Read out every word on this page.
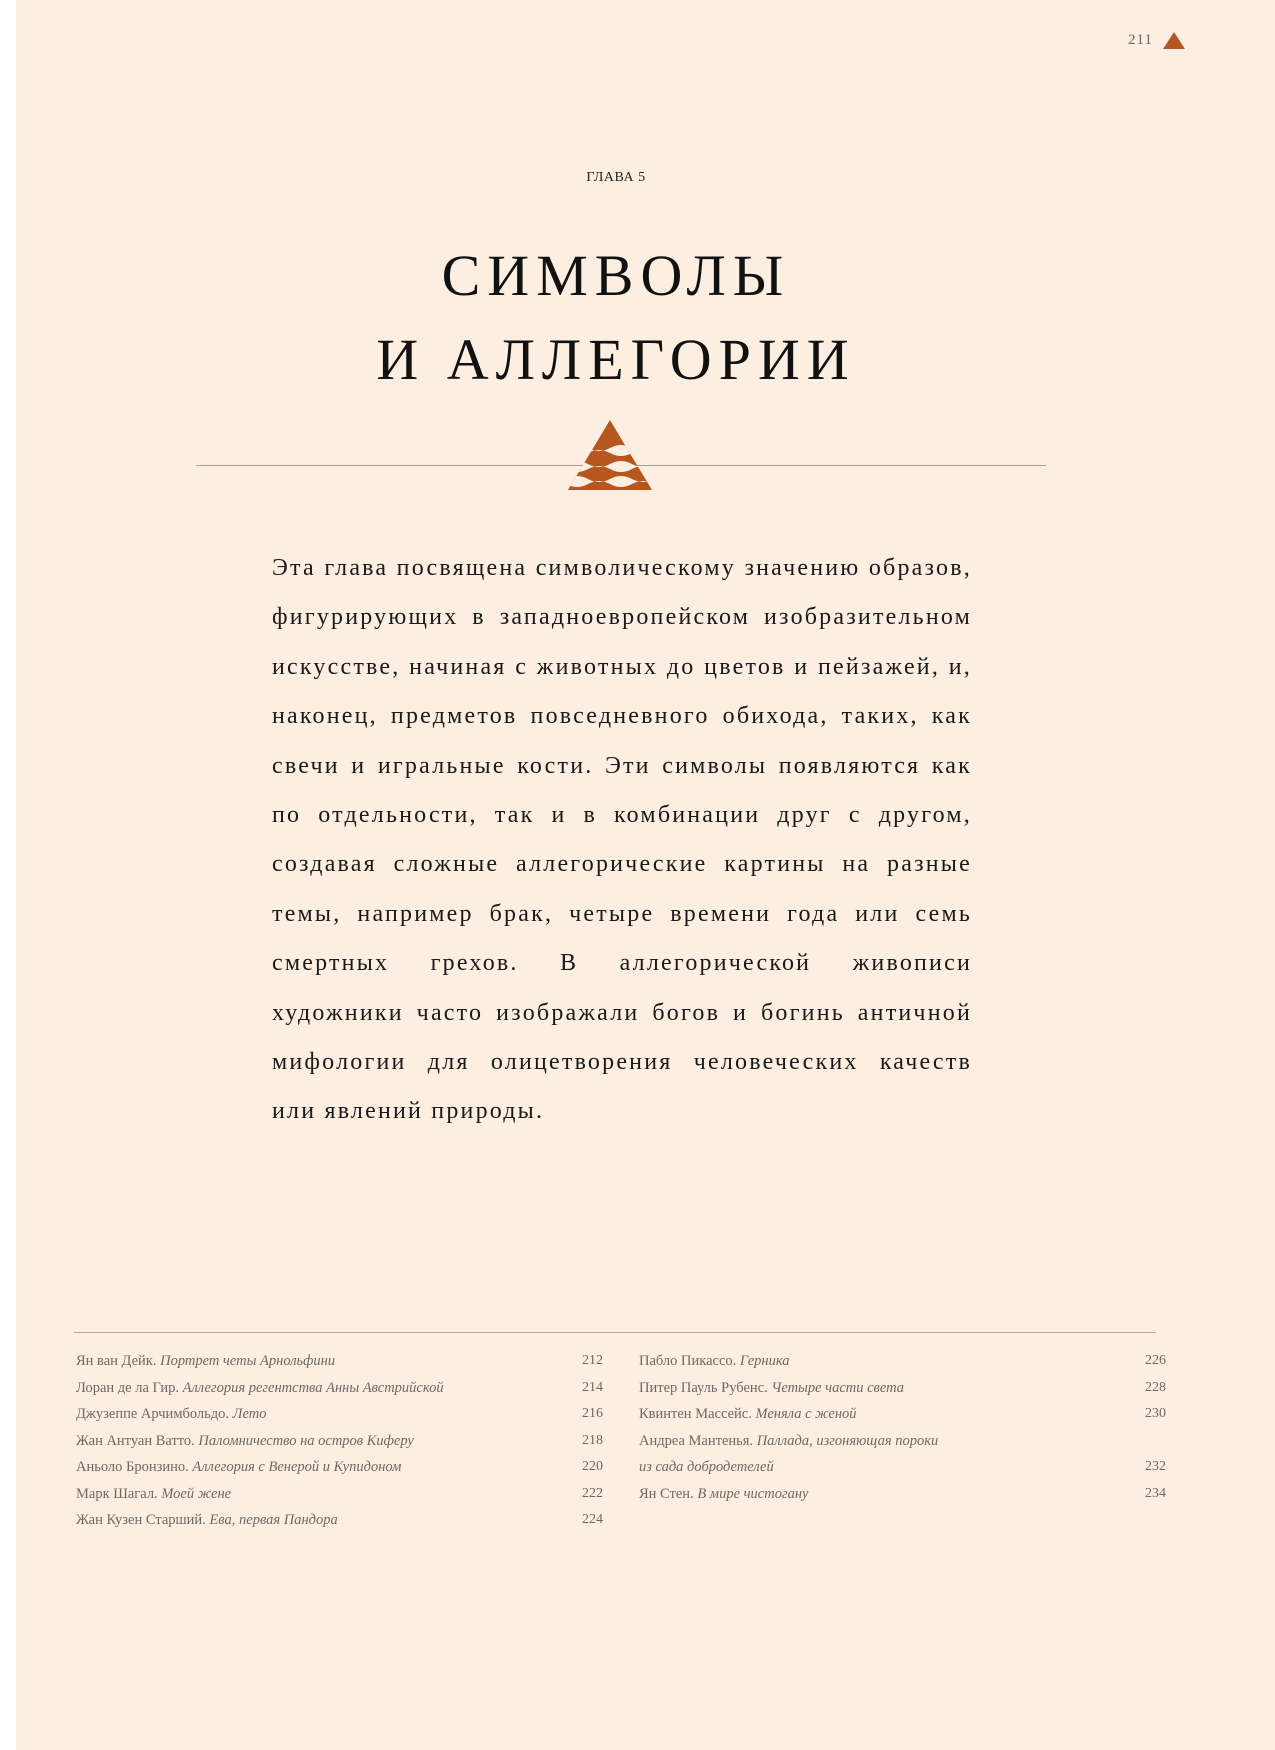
211
ГЛАВА 5
СИМВОЛЫ
И АЛЛЕГОРИИ

Эта глава посвящена символическому значению образов, фигурирующих в западноевропейском изобразительном искусстве, начиная с животных до цветов и пейзажей, и, наконец, предметов повседневного обихода, таких, как свечи и игральные кости. Эти символы появляются как по отдельности, так и в комбинации друг с другом, создавая сложные аллегорические картины на разные темы, например брак, четыре времени года или семь смертных грехов. В аллегорической живописи художники часто изображали богов и богинь античной мифологии для олицетворения человеческих качеств или явлений природы.

Ян ван Дейк. Портрет четы Арнольфини	212
Лоран де ла Гир. Аллегория регентства Анны Австрийской	214
Джузеппе Арчимбольдо. Лето	216
Жан Антуан Ватто. Паломничество на остров Киферу	218
Аньоло Бронзино. Аллегория с Венерой и Купидоном	220
Марк Шагал. Моей жене	222
Жан Кузен Старший. Ева, первая Пандора	224
Пабло Пикассо. Герника	226
Питер Пауль Рубенс. Четыре части света	228
Квинтен Массейс. Меняла с женой	230
Андреа Мантенья. Паллада, изгоняющая пороки
из сада добродетелей	232
Ян Стен. В мире чистогану	234
